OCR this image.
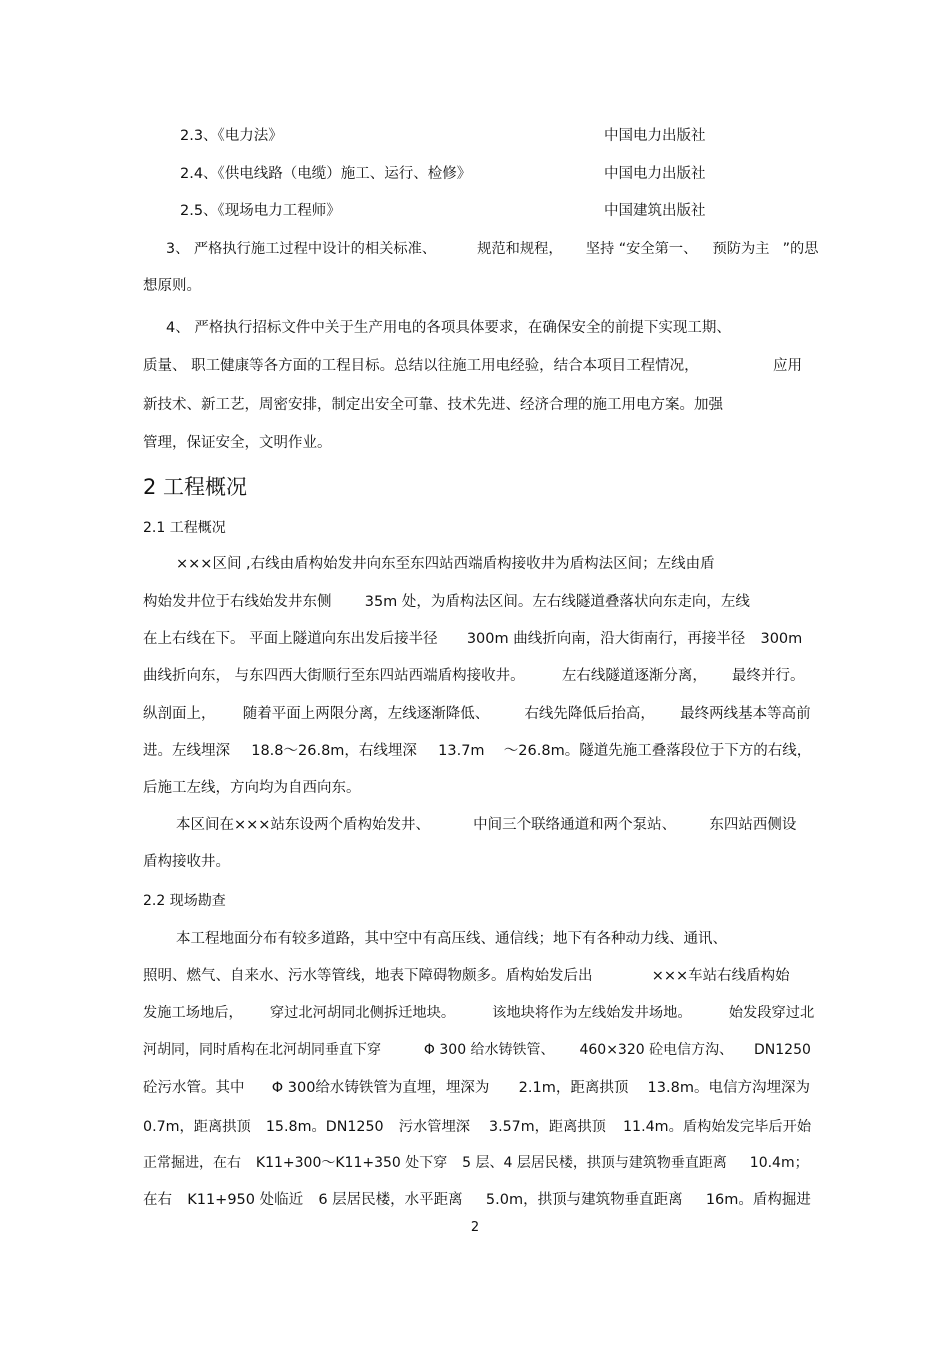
2.3、《电力法》	中国电力出版社
2.4、《供电线路（电缆）施工、运行、检修》	中国电力出版社
2.5、《现场电力工程师》	中国建筑出版社
3、 严格执行施工过程中设计的相关标准、	规范和规程， 坚持 “安全第一、 预防为主 ”的思
想原则。
4、 严格执行招标文件中关于生产用电的各项具体要求，在确保安全的前提下实现工期、
质量、 职工健康等各方面的工程目标。总结以往施工用电经验，结合本项目工程情况，	应用
新技术、新工艺，周密安排，制定出安全可靠、技术先进、经济合理的施工用电方案。加强
管理，保证安全，文明作业。
2 工程概况
2.1 工程概况
×××区间 ,右线由盾构始发井向东至东四站西端盾构接收井为盾构法区间；左线由盾
构始发井位于右线始发井东侧 35m 处，为盾构法区间。左右线隧道叠落状向东走向，左线
在上右线在下。 平面上隧道向东出发后接半径 300m 曲线折向南，沿大街南行，再接半径 300m
曲线折向东， 与东四西大街顺行至东四站西端盾构接收井。	左右线隧道逐渐分离， 最终并行。
纵剖面上， 随着平面上两限分离，左线逐渐降低、 右线先降低后抬高， 最终两线基本等高前
进。左线埋深 18.8～26.8m，右线埋深 13.7m ～26.8m。隧道先施工叠落段位于下方的右线，
后施工左线，方向均为自西向东。
本区间在×××站东设两个盾构始发井、	中间三个联络通道和两个泵站、 东四站西侧设
盾构接收井。
2.2 现场勘查
本工程地面分布有较多道路，其中空中有高压线、通信线；地下有各种动力线、通讯、
照明、燃气、自来水、污水等管线，地表下障碍物颇多。盾构始发后出	×××车站右线盾构始
发施工场地后， 穿过北河胡同北侧拆迁地块。	该地块将作为左线始发井场地。	始发段穿过北
河胡同，同时盾构在北河胡同垂直下穿	Φ 300 给水铸铁管、 460×320 砼电信方沟、 DN1250
砼污水管。其中 Φ 300给水铸铁管为直埋，埋深为 2.1m，距离拱顶 13.8m。电信方沟埋深为
0.7m，距离拱顶 15.8m。DN1250 污水管埋深 3.57m，距离拱顶 11.4m。盾构始发完毕后开始
正常掘进，在右 K11+300～K11+350 处下穿 5 层、4 层居民楼，拱顶与建筑物垂直距离 10.4m；
在右 K11+950 处临近 6 层居民楼，水平距离 5.0m，拱顶与建筑物垂直距离 16m。盾构掘进
2
